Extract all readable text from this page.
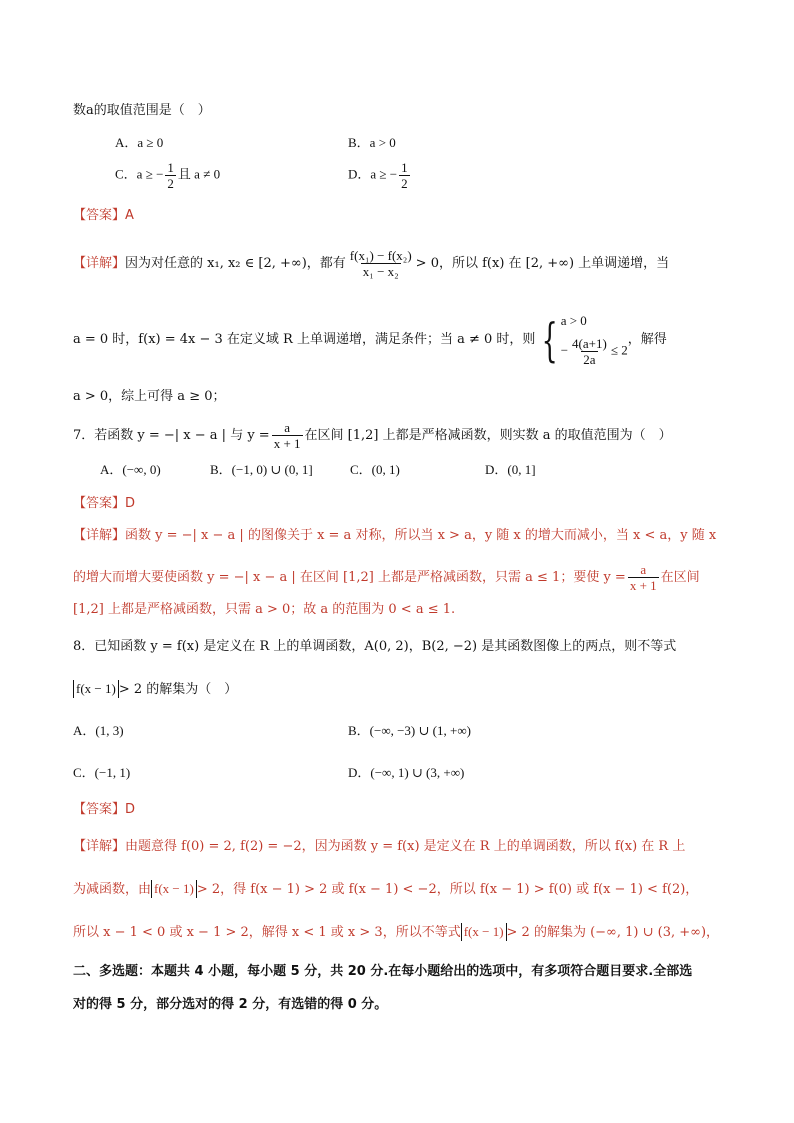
数a的取值范围是（　）
A．a ≥ 0	B．a > 0
C．a ≥ − $\frac{1}{2}$ 且 a ≠ 0	D．a ≥ − $\frac{1}{2}$
【答案】A
【详解】因为对任意的 x₁, x₂ ∈ [2, +∞)，都有 $\frac{\text{f(x₁) − f(x₂)}}{\text{x₁ − x₂}} > 0$，所以 f(x) 在 [2, +∞) 上单调递增，当
a = 0 时，f(x) = 4x − 3 在定义域 R 上单调递增，满足条件；当 a ≠ 0 时，则 { a > 0
− $\frac{4(a+1)}{2a} \le 2$
，解得
a > 0，综上可得 a ≥ 0；
7．若函数 y = −| x − a | 与 $y = \frac{a}{x + 1}$ 在区间 [1,2] 上都是严格减函数，则实数 a 的取值范围为（　）
A．(−∞, 0)	B．(−1, 0) ∪ (0, 1]	C．(0, 1)	D．(0, 1]
【答案】D
【详解】函数 y = −| x − a | 的图像关于 x = a 对称，所以当 x > a，y 随 x 的增大而减小，当 x < a，y 随 x
的增大而增大要使函数 y = −| x − a | 在区间 [1,2] 上都是严格减函数，只需 a ≤ 1；要使 $y = \frac{a}{x + 1}$ 在区间
[1,2] 上都是严格减函数，只需 a > 0；故 a 的范围为 0 < a ≤ 1.
8．已知函数 y = f(x) 是定义在 R 上的单调函数，A(0, 2)，B(2, −2) 是其函数图像上的两点，则不等式
f(x − 1) > 2 的解集为（　）
A．(1, 3)	B．(−∞, −3) ∪ (1, +∞)
C．(−1, 1)	D．(−∞, 1) ∪ (3, +∞)
【答案】D
【详解】由题意得 f(0) = 2, f(2) = −2，因为函数 y = f(x) 是定义在 R 上的单调函数，所以 f(x) 在 R 上
为减函数，由 f(x − 1) > 2，得 f(x − 1) > 2 或 f(x − 1) < −2，所以 f(x − 1) > f(0) 或 f(x − 1) < f(2)，
所以 x − 1 < 0 或 x − 1 > 2，解得 x < 1 或 x > 3，所以不等式 f(x − 1) > 2 的解集为 (−∞, 1) ∪ (3, +∞)，
二、多选题：本题共 4 小题，每小题 5 分，共 20 分.在每小题给出的选项中，有多项符合题目要求.全部选
对的得 5 分，部分选对的得 2 分，有选错的得 0 分。
